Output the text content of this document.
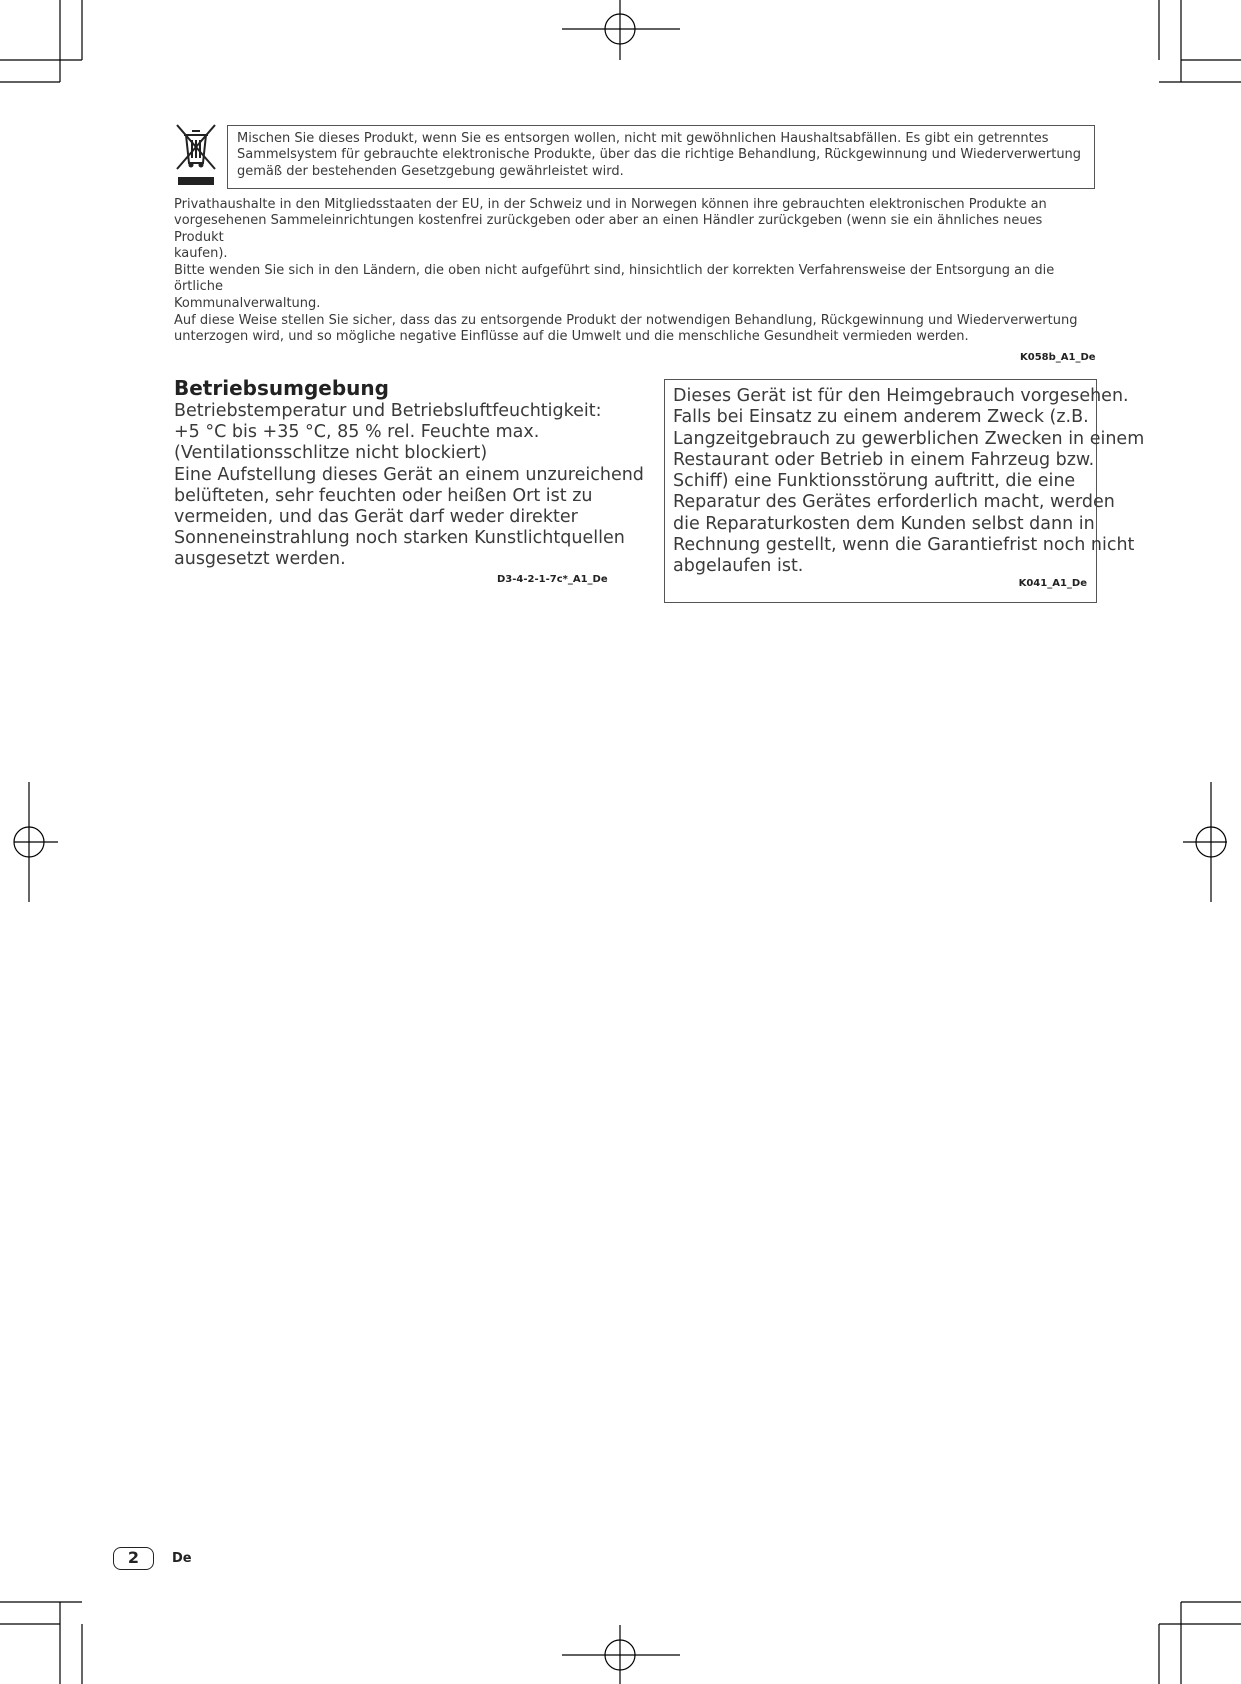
Mischen Sie dieses Produkt, wenn Sie es entsorgen wollen, nicht mit gewöhnlichen Haushaltsabfällen. Es gibt ein getrenntes
Sammelsystem für gebrauchte elektronische Produkte, über das die richtige Behandlung, Rückgewinnung und Wiederverwertung
gemäß der bestehenden Gesetzgebung gewährleistet wird.
Privathaushalte in den Mitgliedsstaaten der EU, in der Schweiz und in Norwegen können ihre gebrauchten elektronischen Produkte an
vorgesehenen Sammeleinrichtungen kostenfrei zurückgeben oder aber an einen Händler zurückgeben (wenn sie ein ähnliches neues Produkt
kaufen).
Bitte wenden Sie sich in den Ländern, die oben nicht aufgeführt sind, hinsichtlich der korrekten Verfahrensweise der Entsorgung an die örtliche
Kommunalverwaltung.
Auf diese Weise stellen Sie sicher, dass das zu entsorgende Produkt der notwendigen Behandlung, Rückgewinnung und Wiederverwertung
unterzogen wird, und so mögliche negative Einflüsse auf die Umwelt und die menschliche Gesundheit vermieden werden.
K058b_A1_De
Betriebsumgebung
Betriebstemperatur und Betriebsluftfeuchtigkeit:
+5 °C bis +35 °C, 85 % rel. Feuchte max.
(Ventilationsschlitze nicht blockiert)
Eine Aufstellung dieses Gerät an einem unzureichend
belüfteten, sehr feuchten oder heißen Ort ist zu
vermeiden, und das Gerät darf weder direkter
Sonneneinstrahlung noch starken Kunstlichtquellen
ausgesetzt werden.
D3-4-2-1-7c*_A1_De
Dieses Gerät ist für den Heimgebrauch vorgesehen.
Falls bei Einsatz zu einem anderem Zweck (z.B.
Langzeitgebrauch zu gewerblichen Zwecken in einem
Restaurant oder Betrieb in einem Fahrzeug bzw.
Schiff) eine Funktionsstörung auftritt, die eine
Reparatur des Gerätes erforderlich macht, werden
die Reparaturkosten dem Kunden selbst dann in
Rechnung gestellt, wenn die Garantiefrist noch nicht
abgelaufen ist.
K041_A1_De
2	De
